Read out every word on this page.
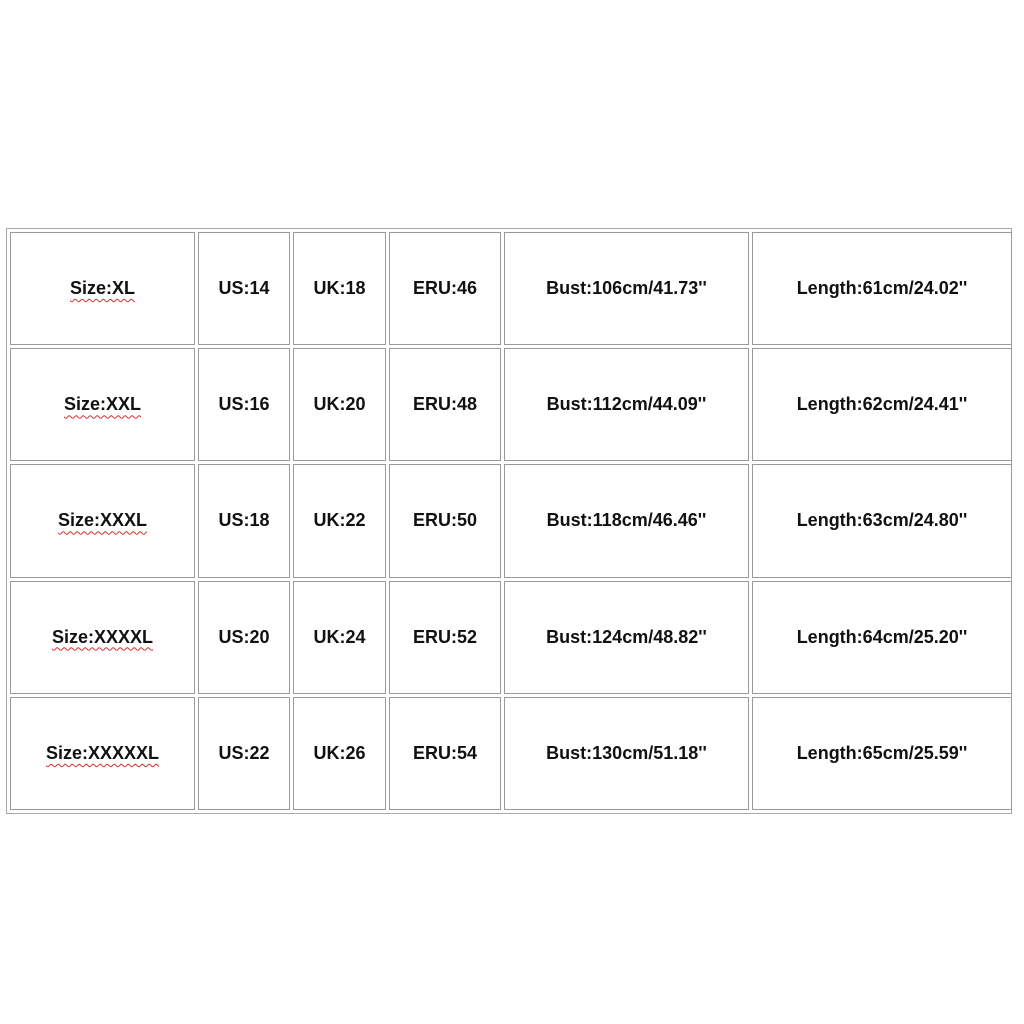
Size:XL	US:14	UK:18	ERU:46	Bust:106cm/41.73''	Length:61cm/24.02''
Size:XXL	US:16	UK:20	ERU:48	Bust:112cm/44.09''	Length:62cm/24.41''
Size:XXXL	US:18	UK:22	ERU:50	Bust:118cm/46.46''	Length:63cm/24.80''
Size:XXXXL	US:20	UK:24	ERU:52	Bust:124cm/48.82''	Length:64cm/25.20''
Size:XXXXXL	US:22	UK:26	ERU:54	Bust:130cm/51.18''	Length:65cm/25.59''
